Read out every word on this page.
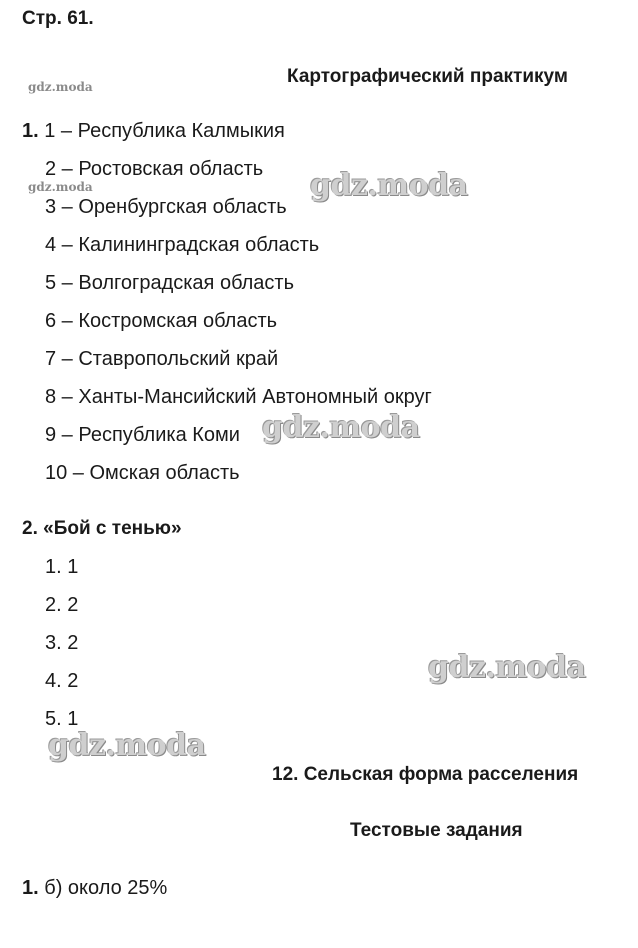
Стр. 61.
gdz.moda	Картографический практикум
1. 1 – Республика Калмыкия
2 – Ростовская область
gdz.moda
3 – Оренбургская область
4 – Калининградская область
5 – Волгоградская область
6 – Костромская область
7 – Ставропольский край
8 – Ханты-Мансийский Автономный округ
9 – Республика Коми
10 – Омская область
gdz.moda
gdz.moda
2. «Бой с тенью»
1. 1
2. 2
3. 2
4. 2
5. 1
gdz.moda
gdz.moda
12. Сельская форма расселения
Тестовые задания
1. б) около 25%
